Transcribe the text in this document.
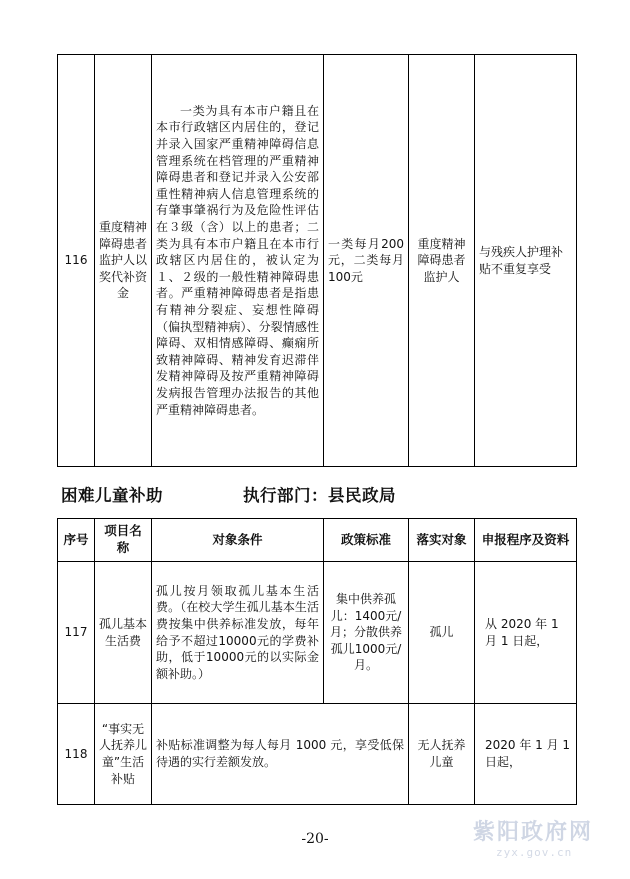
116	重度精神障碍患者监护人以奖代补资金	一类为具有本市户籍且在本市行政辖区内居住的，登记并录入国家严重精神障碍信息管理系统在档管理的严重精神障碍患者和登记并录入公安部重性精神病人信息管理系统的有肇事肇祸行为及危险性评估在３级（含）以上的患者；二类为具有本市户籍且在本市行政辖区内居住的，被认定为１、２级的一般性精神障碍患者。严重精神障碍患者是指患有精神分裂症、妄想性障碍（偏执型精神病）、分裂情感性障碍、双相情感障碍、癫痫所致精神障碍、精神发育迟滞伴发精神障碍及按严重精神障碍发病报告管理办法报告的其他严重精神障碍患者。	一类每月200元，二类每月100元	重度精神障碍患者监护人	与残疾人护理补贴不重复享受
困难儿童补助	执行部门：县民政局
序号	项目名称	对象条件	政策标准	落实对象	申报程序及资料
117	孤儿基本生活费	孤儿按月领取孤儿基本生活费。（在校大学生孤儿基本生活费按集中供养标准发放，每年给予不超过10000元的学费补助，低于10000元的以实际金额补助。）	集中供养孤儿：1400元/月；分散供养孤儿1000元/月。	孤儿	从 2020 年 1 月 1 日起，
118	“事实无人抚养儿童”生活补贴	补贴标准调整为每人每月 1000 元，享受低保待遇的实行差额发放。		无人抚养儿童	2020 年 1 月 1 日起，
-20-	紫阳政府网
zyx.gov.cn
